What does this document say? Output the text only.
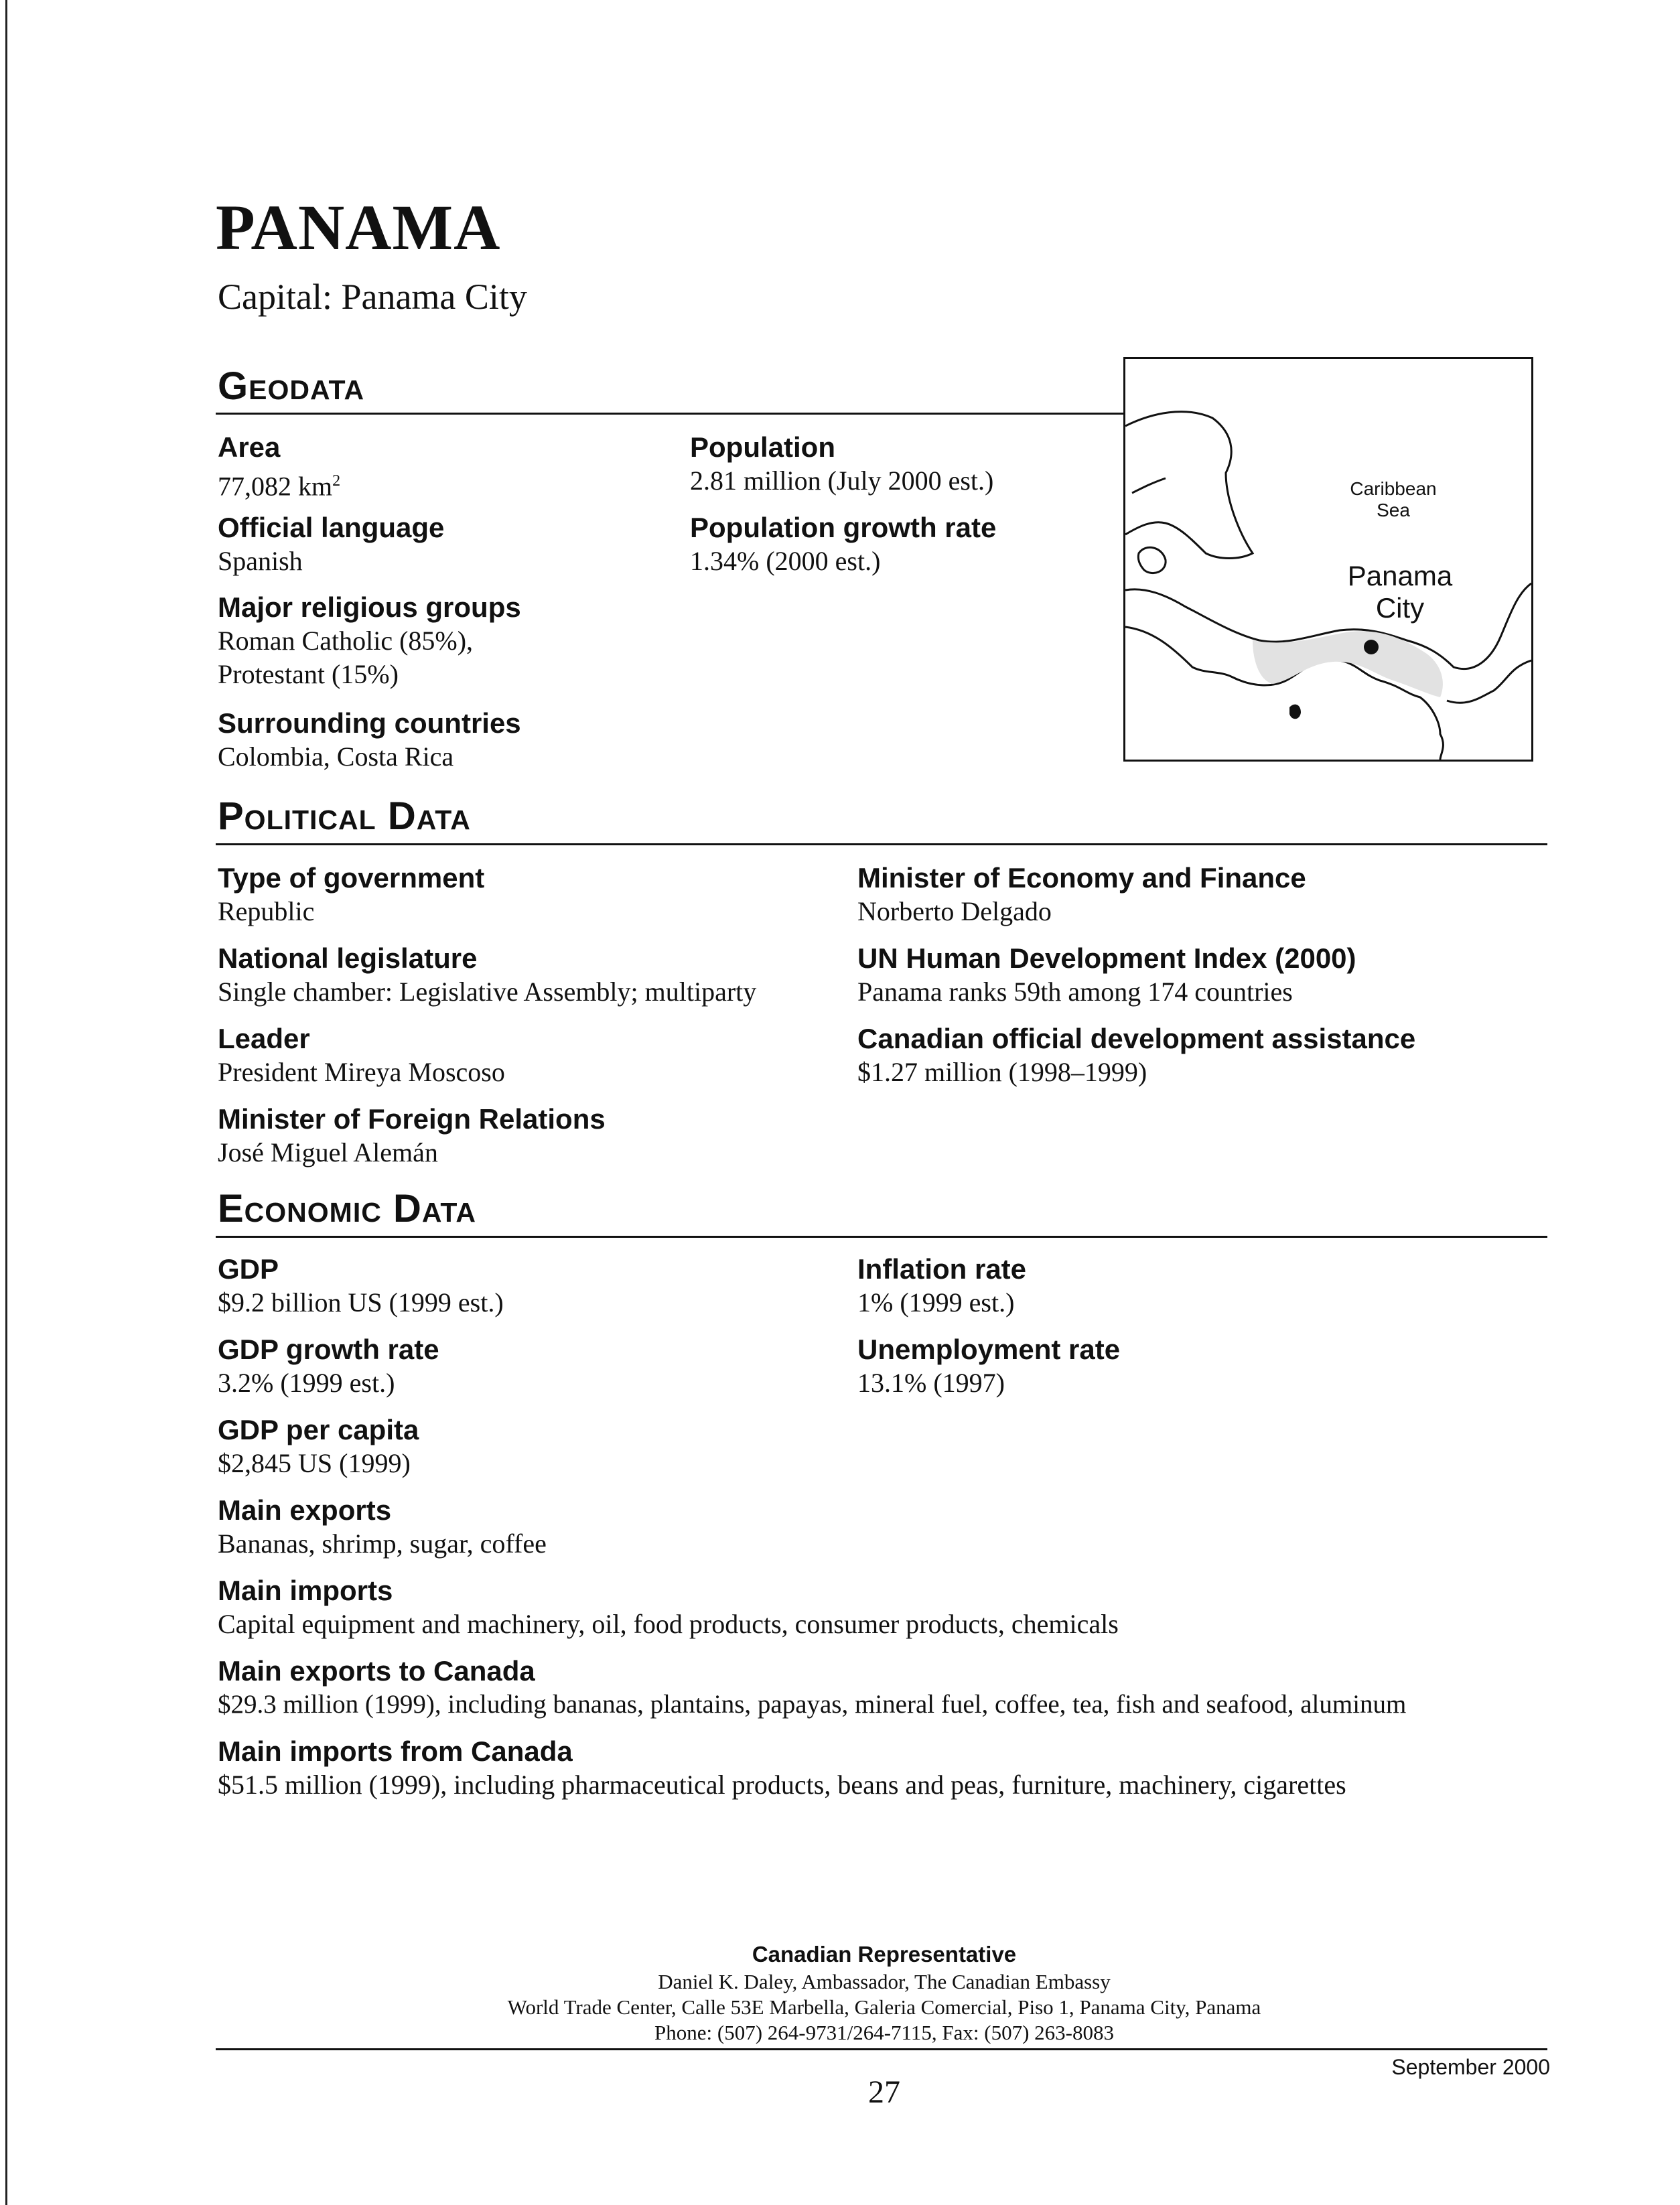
PANAMA
Capital: Panama City
Geodata
Area
77,082 $km^2$
Official language
Spanish
Major religious groups
Roman Catholic (85%),
Protestant (15%)
Surrounding countries
Colombia, Costa Rica
Population
2.81 million (July 2000 est.)
Population growth rate
1.34% (2000 est.)
Caribbean
Sea
Panama
City
Political Data
Type of government
Republic
National legislature
Single chamber: Legislative Assembly; multiparty
Leader
President Mireya Moscoso
Minister of Foreign Relations
José Miguel Alemán
Minister of Economy and Finance
Norberto Delgado
UN Human Development Index (2000)
Panama ranks 59th among 174 countries
Canadian official development assistance
$1.27 million (1998–1999)
Economic Data
GDP
$9.2 billion US (1999 est.)
GDP growth rate
3.2% (1999 est.)
GDP per capita
$2,845 US (1999)
Main exports
Bananas, shrimp, sugar, coffee
Main imports
Capital equipment and machinery, oil, food products, consumer products, chemicals
Main exports to Canada
$29.3 million (1999), including bananas, plantains, papayas, mineral fuel, coffee, tea, fish and seafood, aluminum
Main imports from Canada
$51.5 million (1999), including pharmaceutical products, beans and peas, furniture, machinery, cigarettes
Inflation rate
1% (1999 est.)
Unemployment rate
13.1% (1997)
Canadian Representative
Daniel K. Daley, Ambassador, The Canadian Embassy
World Trade Center, Calle 53E Marbella, Galeria Comercial, Piso 1, Panama City, Panama
Phone: (507) 264-9731/264-7115, Fax: (507) 263-8083
September 2000
27
